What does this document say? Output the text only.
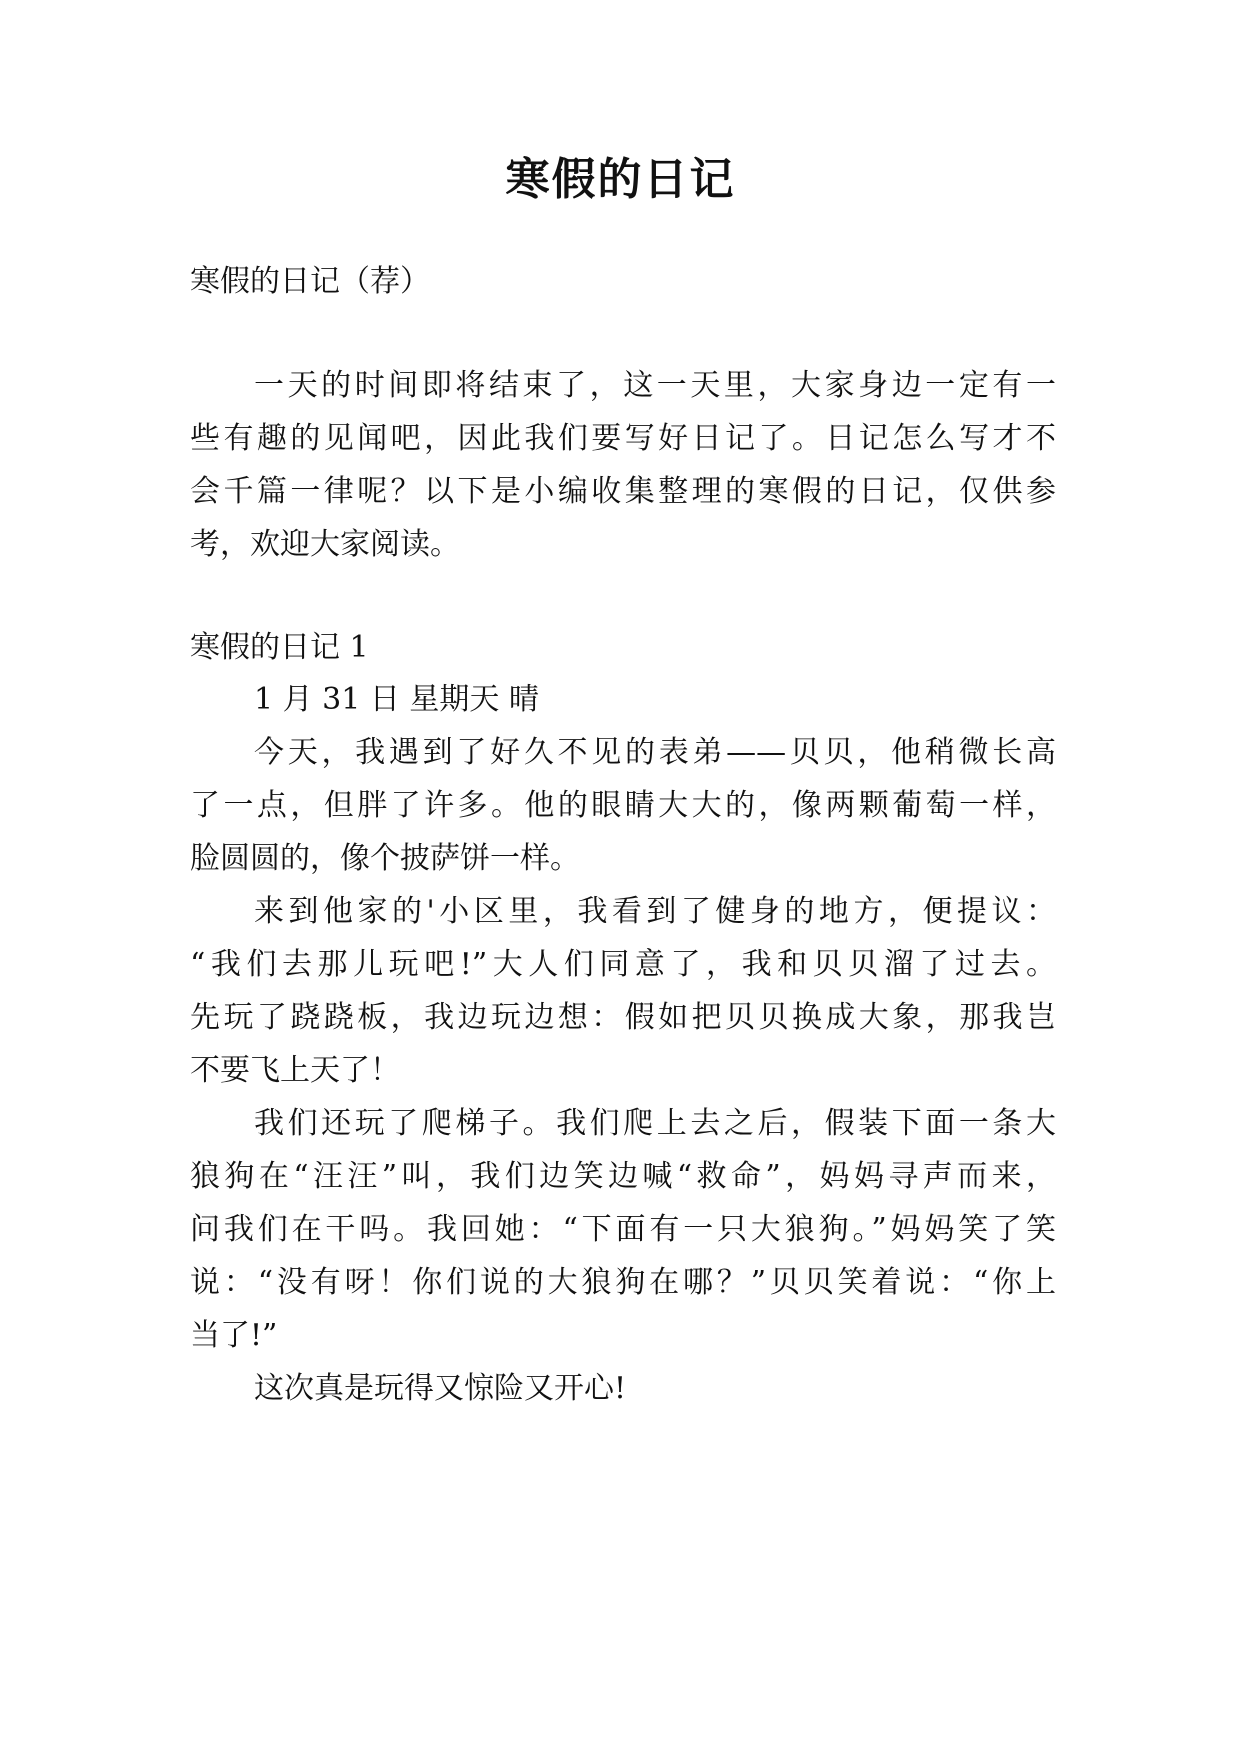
寒假的日记

寒假的日记（荐）

一天的时间即将结束了，这一天里，大家身边一定有一

些有趣的见闻吧，因此我们要写好日记了。日记怎么写才不

会千篇一律呢？以下是小编收集整理的寒假的日记，仅供参

考，欢迎大家阅读。

寒假的日记 1

1 月 31 日 星期天 晴

今天，我遇到了好久不见的表弟——贝贝，他稍微长高

了一点，但胖了许多。他的眼睛大大的，像两颗葡萄一样，

脸圆圆的，像个披萨饼一样。

来到他家的'小区里，我看到了健身的地方，便提议：

“我们去那儿玩吧!”大人们同意了，我和贝贝溜了过去。

先玩了跷跷板，我边玩边想：假如把贝贝换成大象，那我岂

不要飞上天了！

我们还玩了爬梯子。我们爬上去之后，假装下面一条大

狼狗在“汪汪”叫，我们边笑边喊“救命”，妈妈寻声而来，

问我们在干吗。我回她：“下面有一只大狼狗。”妈妈笑了笑

说：“没有呀！你们说的大狼狗在哪？”贝贝笑着说：“你上

当了!”

这次真是玩得又惊险又开心!
